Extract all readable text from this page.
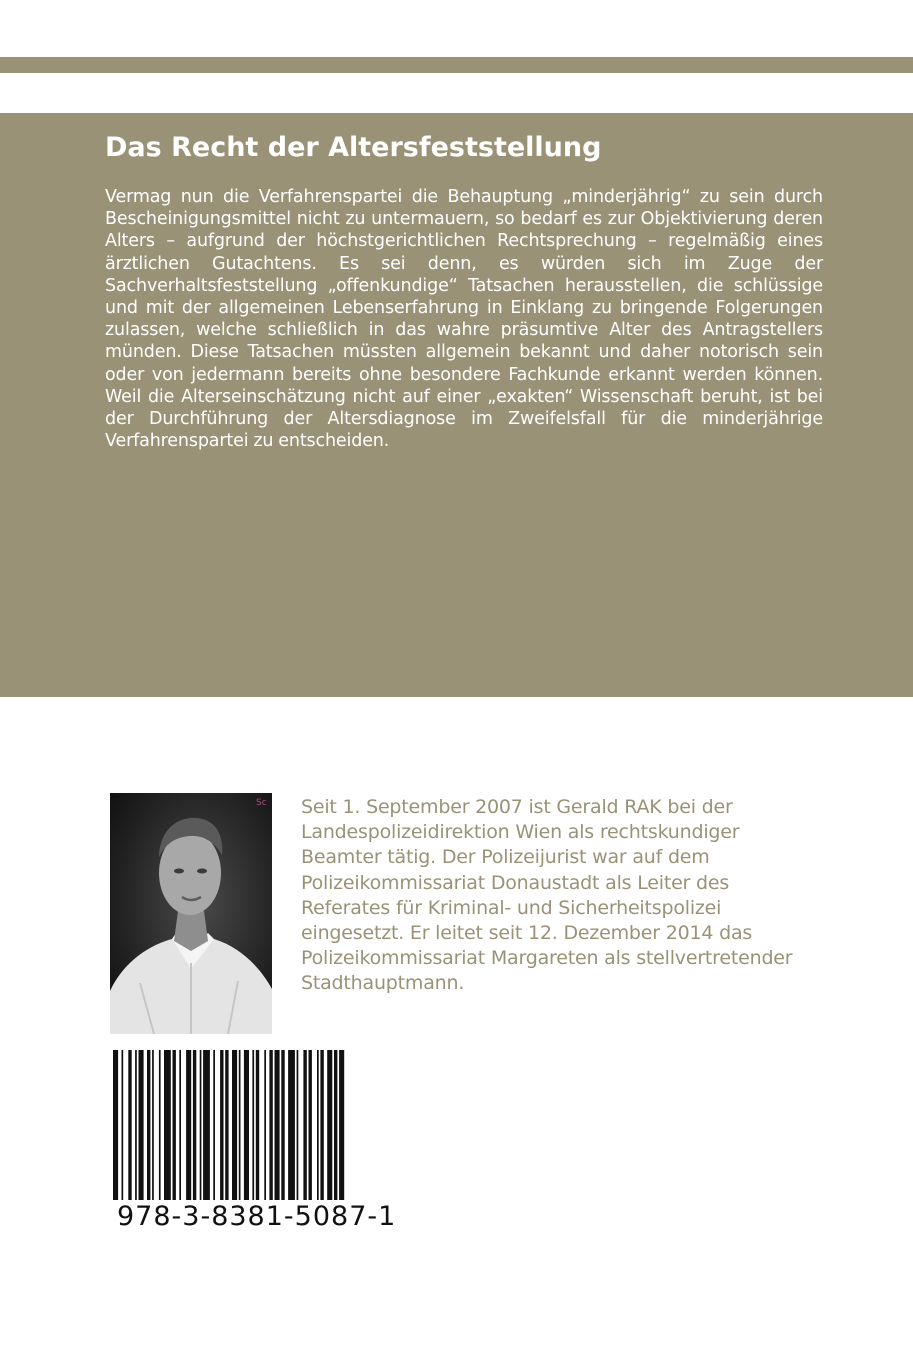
Das Recht der Altersfeststellung

Vermag nun die Verfahrenspartei die Behauptung „minderjährig“ zu sein durch Bescheinigungsmittel nicht zu untermauern, so bedarf es zur Objektivierung deren Alters – aufgrund der höchstgerichtlichen Rechtsprechung – regelmäßig eines ärztlichen Gutachtens. Es sei denn, es würden sich im Zuge der Sachverhaltsfeststellung „offenkundige“ Tatsachen herausstellen, die schlüssige und mit der allgemeinen Lebenserfahrung in Einklang zu bringende Folgerungen zulassen, welche schließlich in das wahre präsumtive Alter des Antragstellers münden. Diese Tatsachen müssten allgemein bekannt und daher notorisch sein oder von jedermann bereits ohne besondere Fachkunde erkannt werden können. Weil die Alterseinschätzung nicht auf einer „exakten“ Wissenschaft beruht, ist bei der Durchführung der Altersdiagnose im Zweifelsfall für die minderjährige Verfahrenspartei zu entscheiden.

Sc Seit 1. September 2007 ist Gerald RAK bei der Landespolizeidirektion Wien als rechtskundiger Beamter tätig. Der Polizeijurist war auf dem Polizeikommissariat Donaustadt als Leiter des Referates für Kriminal- und Sicherheitspolizei eingesetzt. Er leitet seit 12. Dezember 2014 das Polizeikommissariat Margareten als stellvertretender Stadthauptmann.

978-3-8381-5087-1
